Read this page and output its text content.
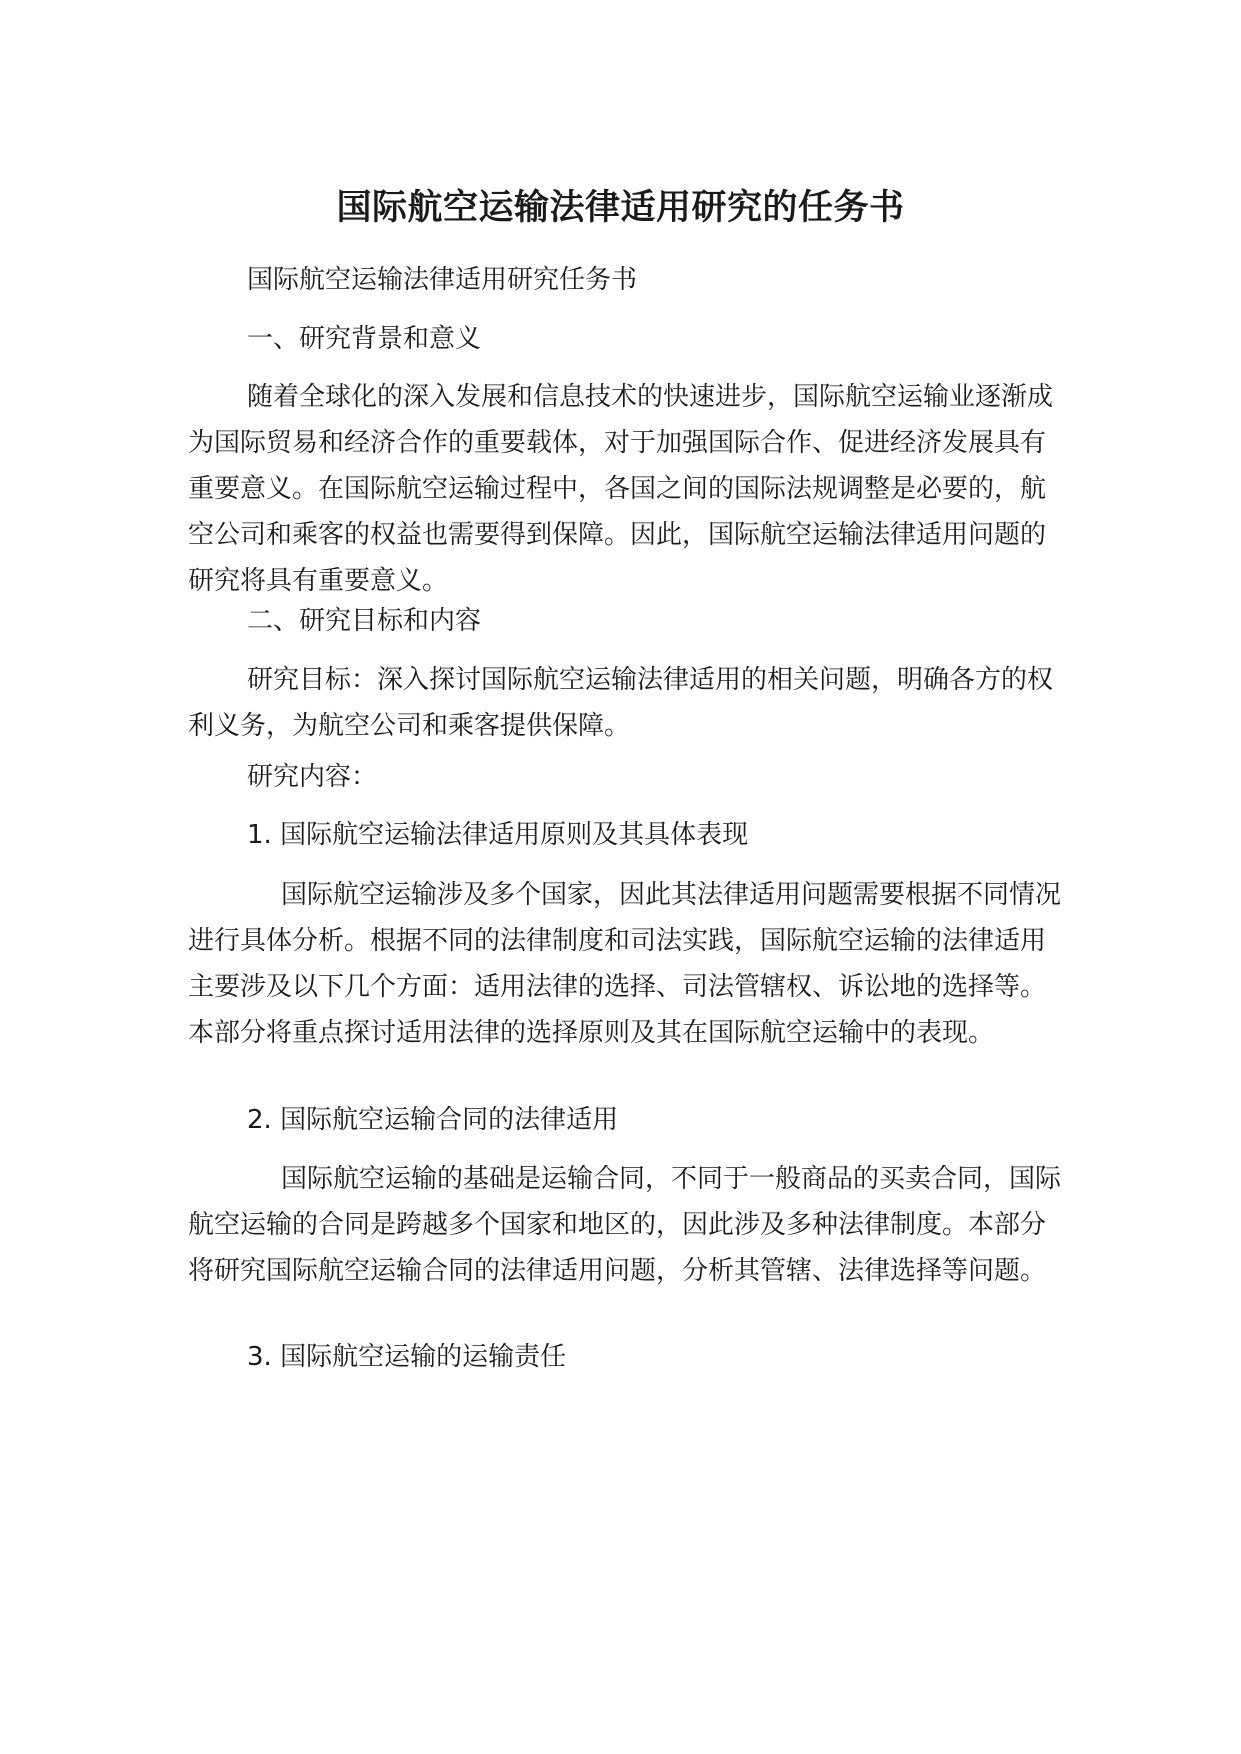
国际航空运输法律适用研究的任务书

国际航空运输法律适用研究任务书

一、研究背景和意义

随着全球化的深入发展和信息技术的快速进步，国际航空运输业逐渐成为国际贸易和经济合作的重要载体，对于加强国际合作、促进经济发展具有重要意义。在国际航空运输过程中，各国之间的国际法规调整是必要的，航空公司和乘客的权益也需要得到保障。因此，国际航空运输法律适用问题的研究将具有重要意义。

二、研究目标和内容

研究目标：深入探讨国际航空运输法律适用的相关问题，明确各方的权利义务，为航空公司和乘客提供保障。

研究内容：

1. 国际航空运输法律适用原则及其具体表现

国际航空运输涉及多个国家，因此其法律适用问题需要根据不同情况进行具体分析。根据不同的法律制度和司法实践，国际航空运输的法律适用主要涉及以下几个方面：适用法律的选择、司法管辖权、诉讼地的选择等。本部分将重点探讨适用法律的选择原则及其在国际航空运输中的表现。

2. 国际航空运输合同的法律适用

国际航空运输的基础是运输合同，不同于一般商品的买卖合同，国际航空运输的合同是跨越多个国家和地区的，因此涉及多种法律制度。本部分将研究国际航空运输合同的法律适用问题，分析其管辖、法律选择等问题。

3. 国际航空运输的运输责任
